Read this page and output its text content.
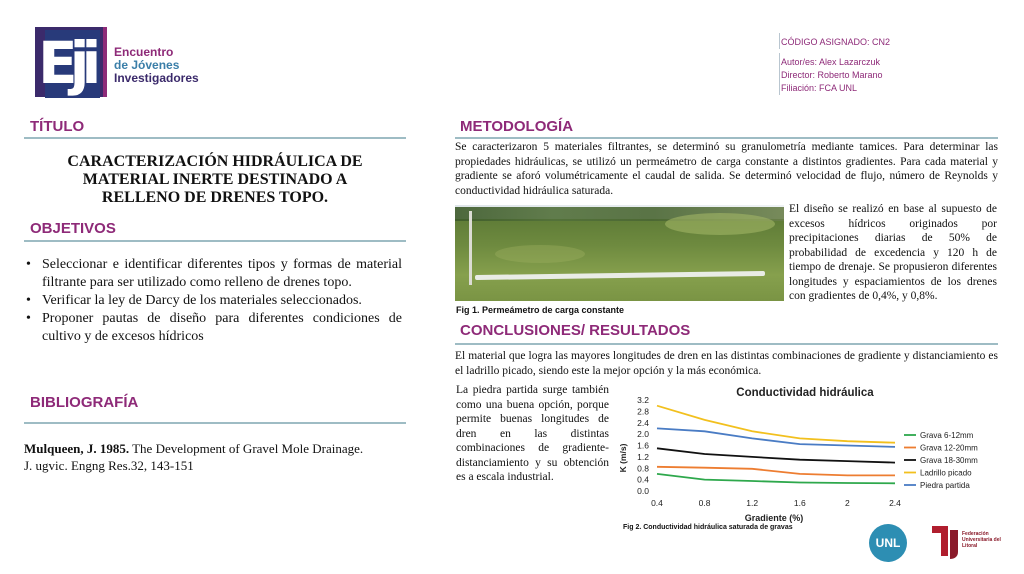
Eji Encuentro
de Jóvenes
Investigadores
CÓDIGO ASIGNADO: CN2
Autor/es: Alex Lazarczuk
Director: Roberto Marano
Filiación: FCA UNL
TÍTULO
CARACTERIZACIÓN HIDRÁULICA DE
MATERIAL INERTE DESTINADO A
RELLENO DE DRENES TOPO.
OBJETIVOS
• Seleccionar e identificar diferentes tipos y formas de material filtrante para ser utilizado como relleno de drenes topo.
• Verificar la ley de Darcy de los materiales seleccionados.
• Proponer pautas de diseño para diferentes condiciones de cultivo y de excesos hídricos
BIBLIOGRAFÍA
Mulqueen, J. 1985. The Development of Gravel Mole Drainage.
J. ugvic. Engng Res.32, 143-151
METODOLOGÍA
Se caracterizaron 5 materiales filtrantes, se determinó su granulometría mediante tamices. Para determinar las propiedades hidráulicas, se utilizó un permeámetro de carga constante a distintos gradientes. Para cada material y gradiente se aforó volumétricamente el caudal de salida. Se determinó velocidad de flujo, número de Reynolds y conductividad hidráulica saturada.
Fig 1. Permeámetro de carga constante
El diseño se realizó en base al supuesto de excesos hídricos originados por precipitaciones diarias de 50% de probabilidad de excedencia y 120 h de tiempo de drenaje. Se propusieron diferentes longitudes y espaciamientos de los drenes con gradientes de 0,4%, y 0,8%.
CONCLUSIONES/ RESULTADOS
El material que logra las mayores longitudes de dren en las distintas combinaciones de gradiente y distanciamiento es el ladrillo picado, siendo este la mejor opción y la más económica.
La piedra partida surge también como una buena opción, porque permite buenas longitudes de dren en las distintas combinaciones de gradiente-distanciamiento y su obtención es a escala industrial.
Conductividad hidráulica
0.0
0.4
0.8
1.2
1.6
2.0
2.4
2.8
3.2
0.4	0.8	1.2	1.6	2	2.4
K (m/s)
Gradiente (%)
Grava 6-12mm
Grava 12-20mm
Grava 18-30mm
Ladrillo picado
Piedra partida
Fig 2. Conductividad hidráulica saturada de gravas
UNL
Federación Universitaria del Litoral
